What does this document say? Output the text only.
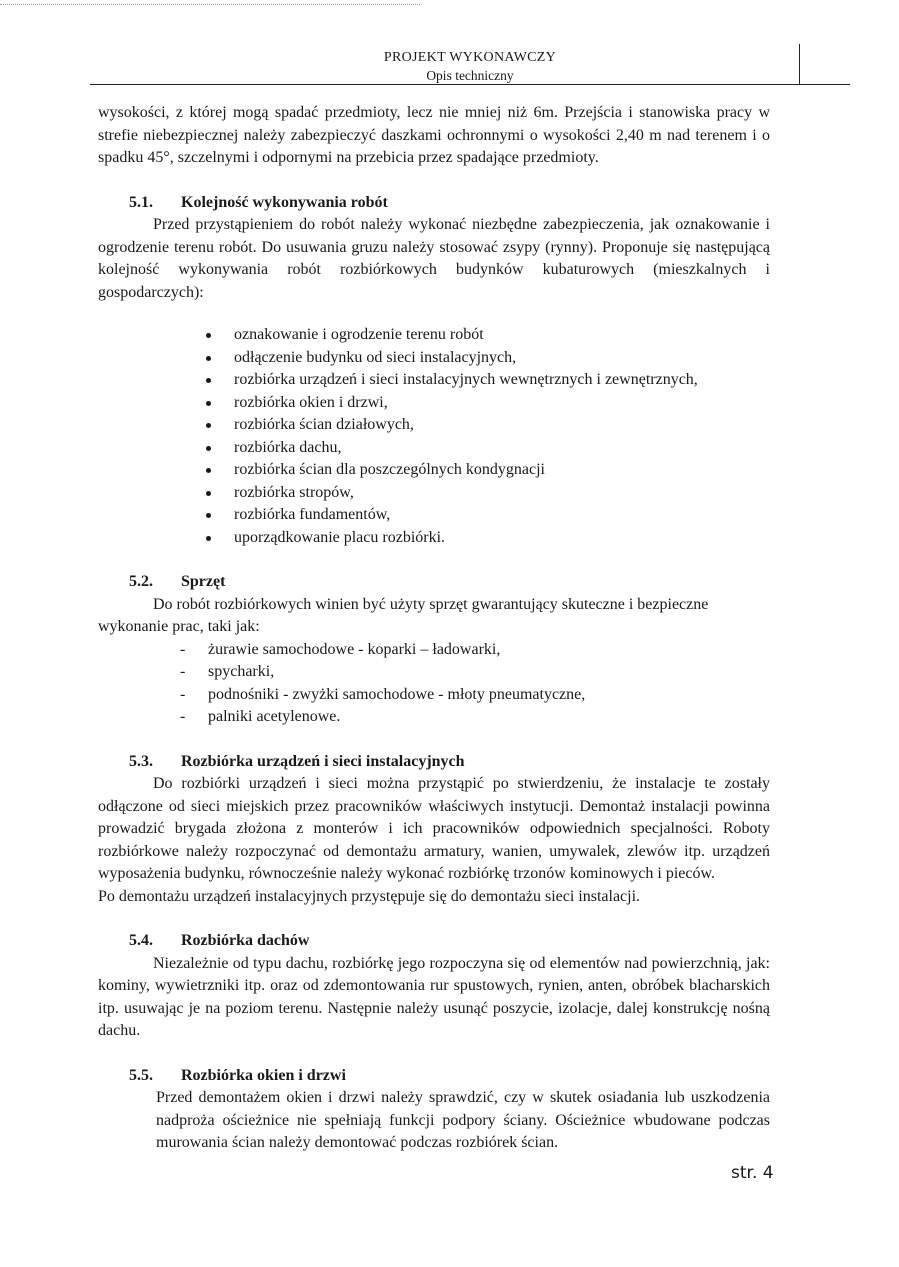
PROJEKT WYKONAWCZY
Opis techniczny

wysokości, z której mogą spadać przedmioty, lecz nie mniej niż 6m. Przejścia i stanowiska pracy w strefie niebezpiecznej należy zabezpieczyć daszkami ochronnymi o wysokości 2,40 m nad terenem i o spadku 45°, szczelnymi i odpornymi na przebicia przez spadające przedmioty.

5.1. Kolejność wykonywania robót

Przed przystąpieniem do robót należy wykonać niezbędne zabezpieczenia, jak oznakowanie i ogrodzenie terenu robót. Do usuwania gruzu należy stosować zsypy (rynny). Proponuje się następującą kolejność wykonywania robót rozbiórkowych budynków kubaturowych (mieszkalnych i gospodarczych):

oznakowanie i ogrodzenie terenu robót
odłączenie budynku od sieci instalacyjnych,
rozbiórka urządzeń i sieci instalacyjnych wewnętrznych i zewnętrznych,
rozbiórka okien i drzwi,
rozbiórka ścian działowych,
rozbiórka dachu,
rozbiórka ścian dla poszczególnych kondygnacji
rozbiórka stropów,
rozbiórka fundamentów,
uporządkowanie placu rozbiórki.
5.2. Sprzęt

Do robót rozbiórkowych winien być użyty sprzęt gwarantujący skuteczne i bezpieczne wykonanie prac, taki jak:

- żurawie samochodowe - koparki – ładowarki,
- spycharki,
- podnośniki - zwyżki samochodowe - młoty pneumatyczne,
- palniki acetylenowe.
5.3. Rozbiórka urządzeń i sieci instalacyjnych

Do rozbiórki urządzeń i sieci można przystąpić po stwierdzeniu, że instalacje te zostały odłączone od sieci miejskich przez pracowników właściwych instytucji. Demontaż instalacji powinna prowadzić brygada złożona z monterów i ich pracowników odpowiednich specjalności. Roboty rozbiórkowe należy rozpoczynać od demontażu armatury, wanien, umywalek, zlewów itp. urządzeń wyposażenia budynku, równocześnie należy wykonać rozbiórkę trzonów kominowych i pieców.

Po demontażu urządzeń instalacyjnych przystępuje się do demontażu sieci instalacji.

5.4. Rozbiórka dachów

Niezależnie od typu dachu, rozbiórkę jego rozpoczyna się od elementów nad powierzchnią, jak: kominy, wywietrzniki itp. oraz od zdemontowania rur spustowych, rynien, anten, obróbek blacharskich itp. usuwając je na poziom terenu. Następnie należy usunąć poszycie, izolacje, dalej konstrukcję nośną dachu.

5.5. Rozbiórka okien i drzwi

Przed demontażem okien i drzwi należy sprawdzić, czy w skutek osiadania lub uszkodzenia nadproża ościeżnice nie spełniają funkcji podpory ściany. Ościeżnice wbudowane podczas murowania ścian należy demontować podczas rozbiórek ścian.

str. 4
